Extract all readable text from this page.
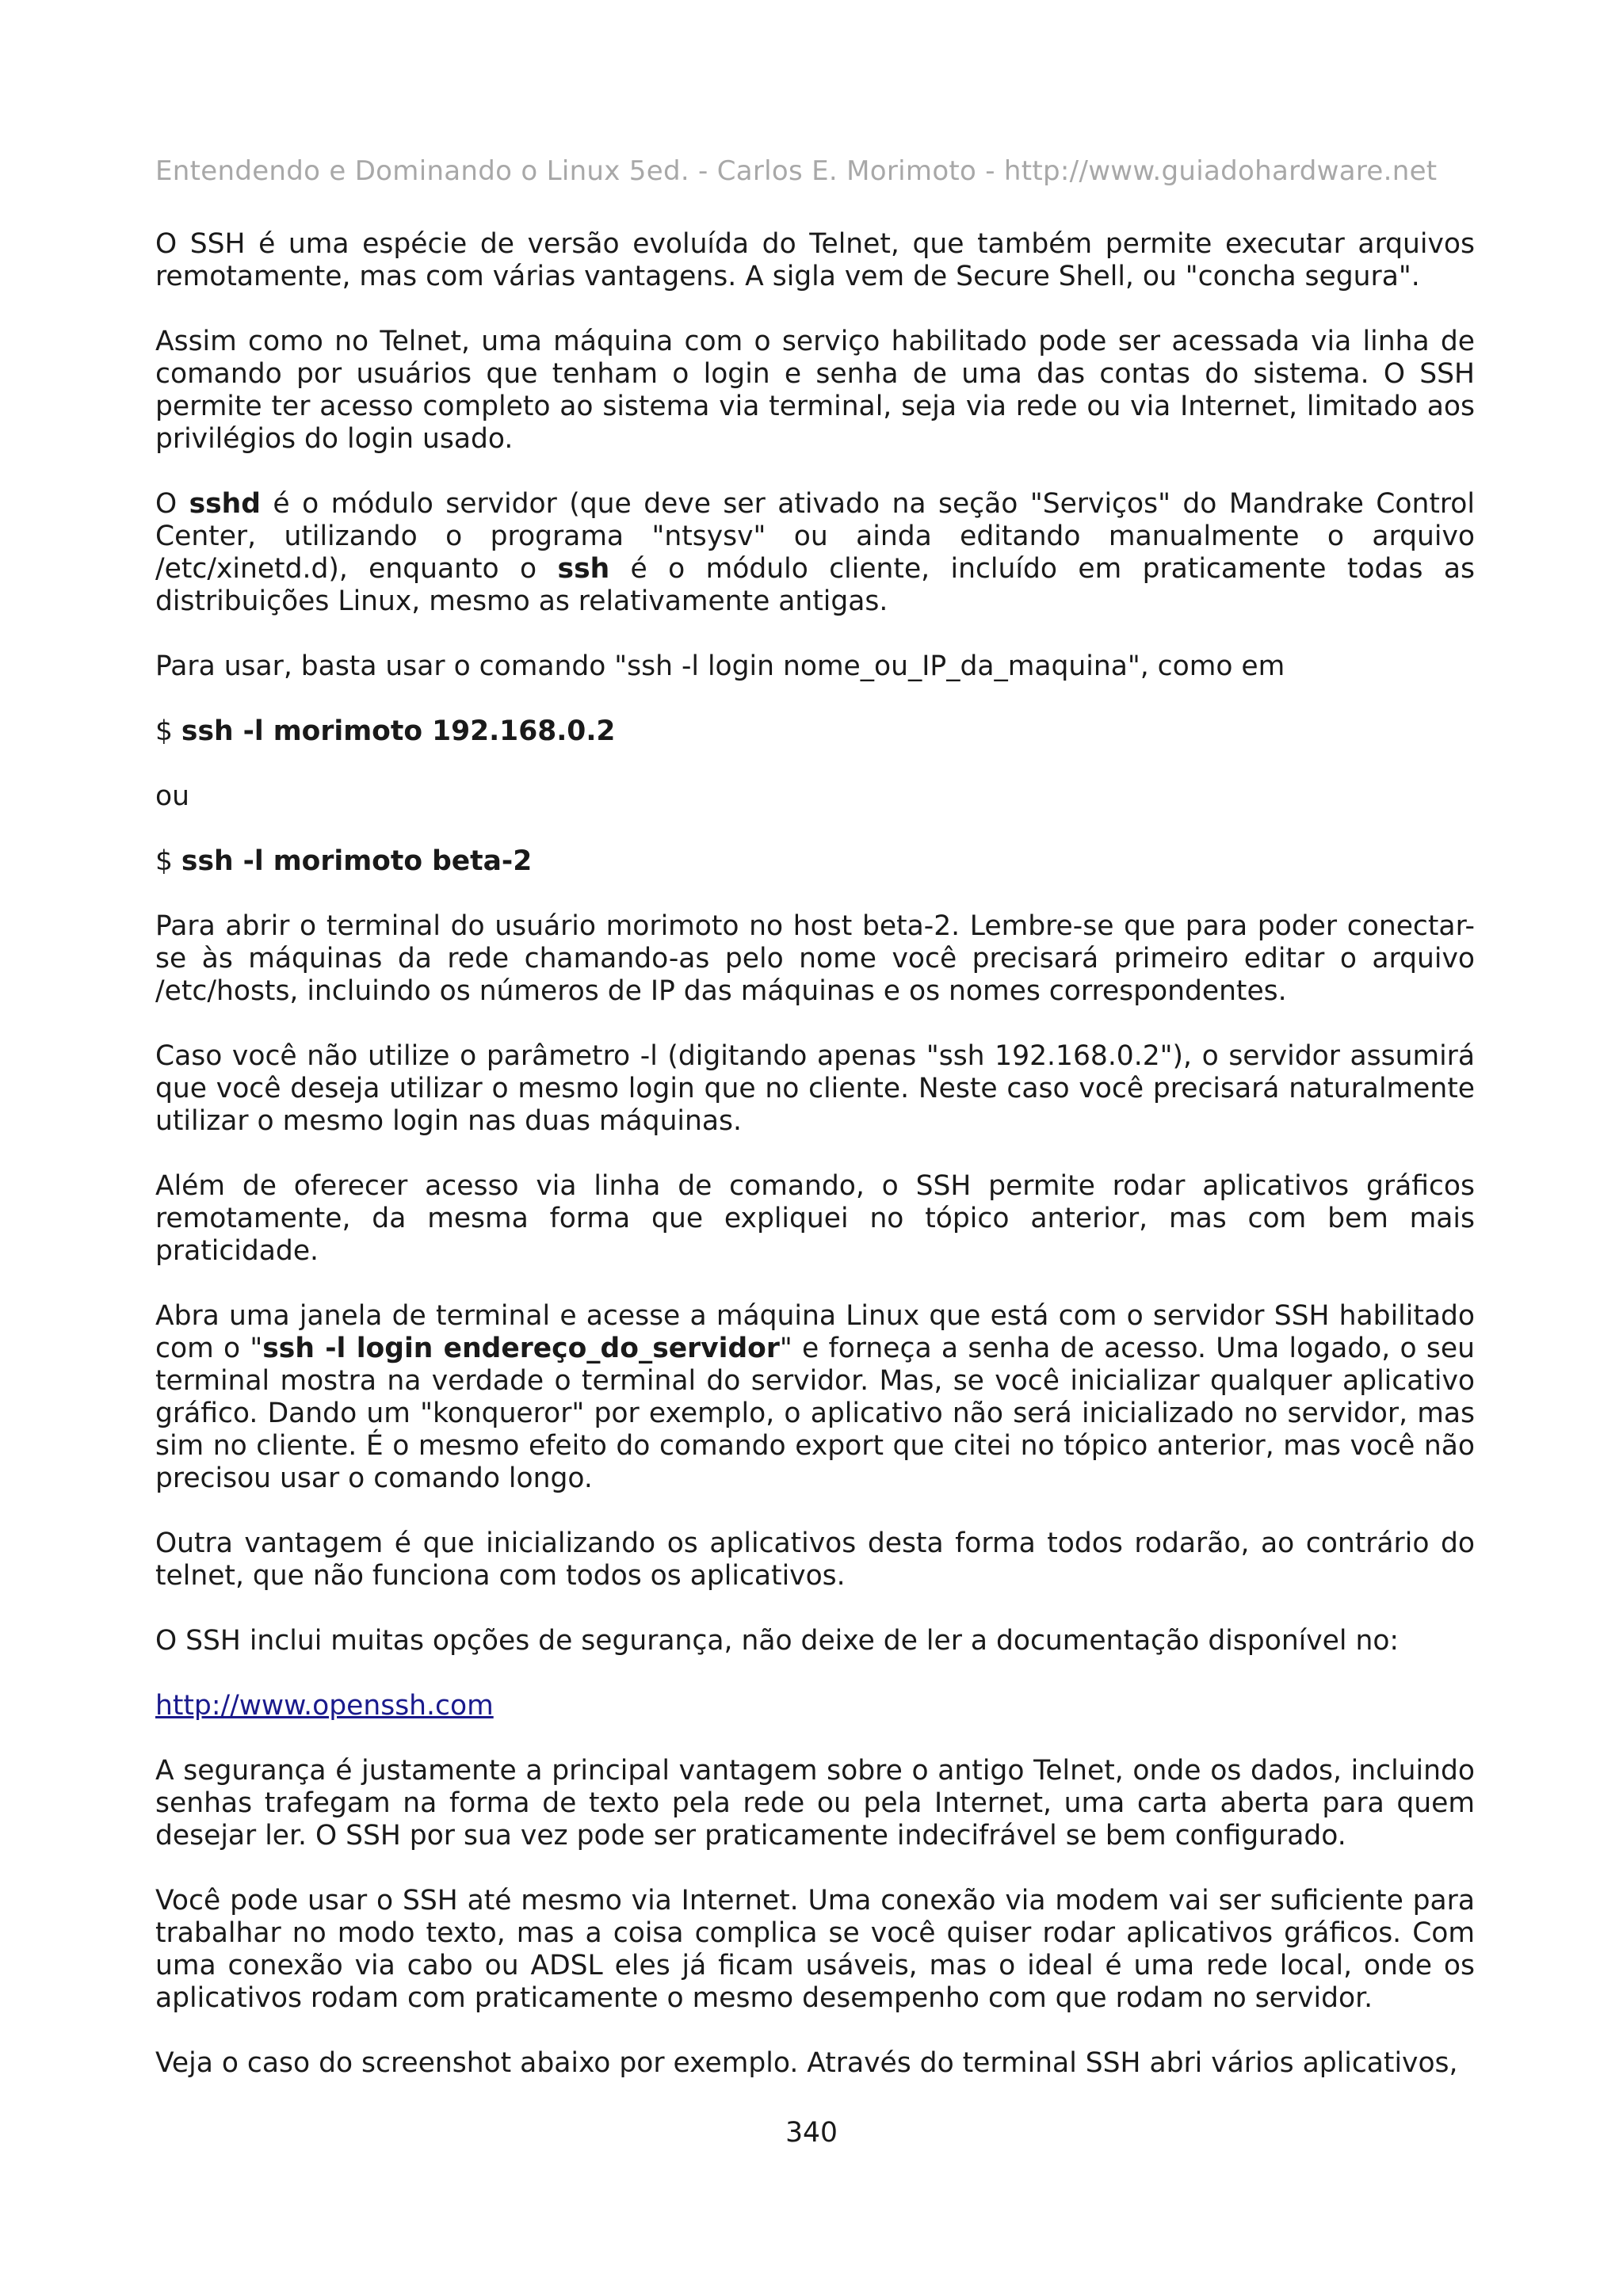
Entendendo e Dominando o Linux 5ed. - Carlos E. Morimoto - http://www.guiadohardware.net

O SSH é uma espécie de versão evoluída do Telnet, que também permite executar arquivos remotamente, mas com várias vantagens. A sigla vem de Secure Shell, ou "concha segura".

Assim como no Telnet, uma máquina com o serviço habilitado pode ser acessada via linha de comando por usuários que tenham o login e senha de uma das contas do sistema. O SSH permite ter acesso completo ao sistema via terminal, seja via rede ou via Internet, limitado aos privilégios do login usado.

O sshd é o módulo servidor (que deve ser ativado na seção "Serviços" do Mandrake Control Center, utilizando o programa "ntsysv" ou ainda editando manualmente o arquivo /etc/xinetd.d), enquanto o ssh é o módulo cliente, incluído em praticamente todas as distribuições Linux, mesmo as relativamente antigas.

Para usar, basta usar o comando "ssh -l login nome_ou_IP_da_maquina", como em

$ ssh -l morimoto 192.168.0.2

ou

$ ssh -l morimoto beta-2

Para abrir o terminal do usuário morimoto no host beta-2. Lembre-se que para poder conectar-se às máquinas da rede chamando-as pelo nome você precisará primeiro editar o arquivo /etc/hosts, incluindo os números de IP das máquinas e os nomes correspondentes.

Caso você não utilize o parâmetro -l (digitando apenas "ssh 192.168.0.2"), o servidor assumirá que você deseja utilizar o mesmo login que no cliente. Neste caso você precisará naturalmente utilizar o mesmo login nas duas máquinas.

Além de oferecer acesso via linha de comando, o SSH permite rodar aplicativos gráficos remotamente, da mesma forma que expliquei no tópico anterior, mas com bem mais praticidade.

Abra uma janela de terminal e acesse a máquina Linux que está com o servidor SSH habilitado com o "ssh -l login endereço_do_servidor" e forneça a senha de acesso. Uma logado, o seu terminal mostra na verdade o terminal do servidor. Mas, se você inicializar qualquer aplicativo gráfico. Dando um "konqueror" por exemplo, o aplicativo não será inicializado no servidor, mas sim no cliente. É o mesmo efeito do comando export que citei no tópico anterior, mas você não precisou usar o comando longo.

Outra vantagem é que inicializando os aplicativos desta forma todos rodarão, ao contrário do telnet, que não funciona com todos os aplicativos.

O SSH inclui muitas opções de segurança, não deixe de ler a documentação disponível no:

http://www.openssh.com

A segurança é justamente a principal vantagem sobre o antigo Telnet, onde os dados, incluindo senhas trafegam na forma de texto pela rede ou pela Internet, uma carta aberta para quem desejar ler. O SSH por sua vez pode ser praticamente indecifrável se bem configurado.

Você pode usar o SSH até mesmo via Internet. Uma conexão via modem vai ser suficiente para trabalhar no modo texto, mas a coisa complica se você quiser rodar aplicativos gráficos. Com uma conexão via cabo ou ADSL eles já ficam usáveis, mas o ideal é uma rede local, onde os aplicativos rodam com praticamente o mesmo desempenho com que rodam no servidor.

Veja o caso do screenshot abaixo por exemplo. Através do terminal SSH abri vários aplicativos,

340
